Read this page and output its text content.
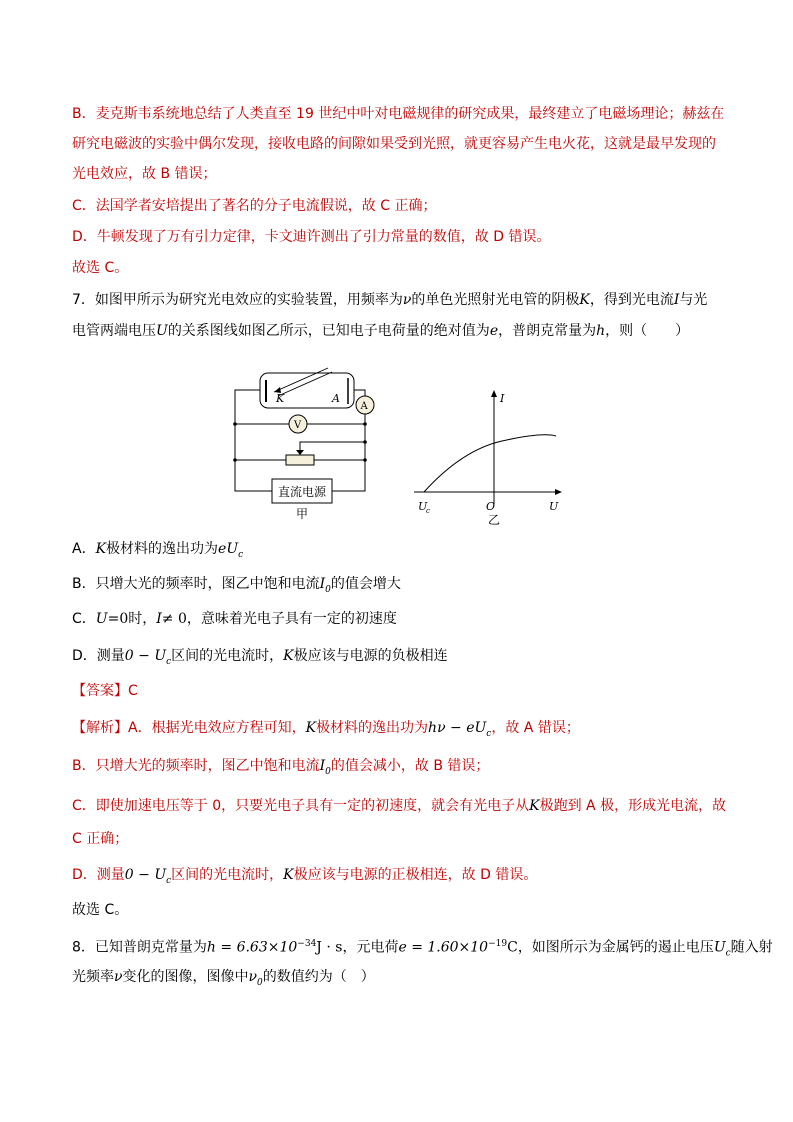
B．麦克斯韦系统地总结了人类直至 19 世纪中叶对电磁规律的研究成果，最终建立了电磁场理论；赫兹在
研究电磁波的实验中偶尔发现，接收电路的间隙如果受到光照，就更容易产生电火花，这就是最早发现的
光电效应，故 B 错误；
C．法国学者安培提出了著名的分子电流假说，故 C 正确；
D．牛顿发现了万有引力定律，卡文迪许测出了引力常量的数值，故 D 错误。
故选 C。
7．如图甲所示为研究光电效应的实验装置，用频率为ν的单色光照射光电管的阴极K，得到光电流I与光
电管两端电压U的关系图线如图乙所示，已知电子电荷量的绝对值为e，普朗克常量为h，则（　　）
K	A
A
V
直流电源
甲
I
U
O
U
c
乙
A．K极材料的逸出功为$eU_c$
B．只增大光的频率时，图乙中饱和电流$I_0$的值会增大
C．U=0时，I≠ 0，意味着光电子具有一定的初速度
D．测量$0 - U_c$区间的光电流时，K极应该与电源的负极相连
【答案】C
【解析】A．根据光电效应方程可知，K极材料的逸出功为$h\nu - eU_c$，故 A 错误；
B．只增大光的频率时，图乙中饱和电流$I_0$的值会减小，故 B 错误；
C．即使加速电压等于 0，只要光电子具有一定的初速度，就会有光电子从K极跑到 A 极，形成光电流，故
C 正确；
D．测量$0 - U_c$区间的光电流时，K极应该与电源的正极相连，故 D 错误。
故选 C。
8．已知普朗克常量为$h = 6.63\times 10^{-34}J \cdot s$，元电荷$e = 1.60\times 10^{-19}C$，如图所示为金属钙的遏止电压$U_c$随入射
光频率ν变化的图像，图像中$\nu_0$的数值约为（　）
